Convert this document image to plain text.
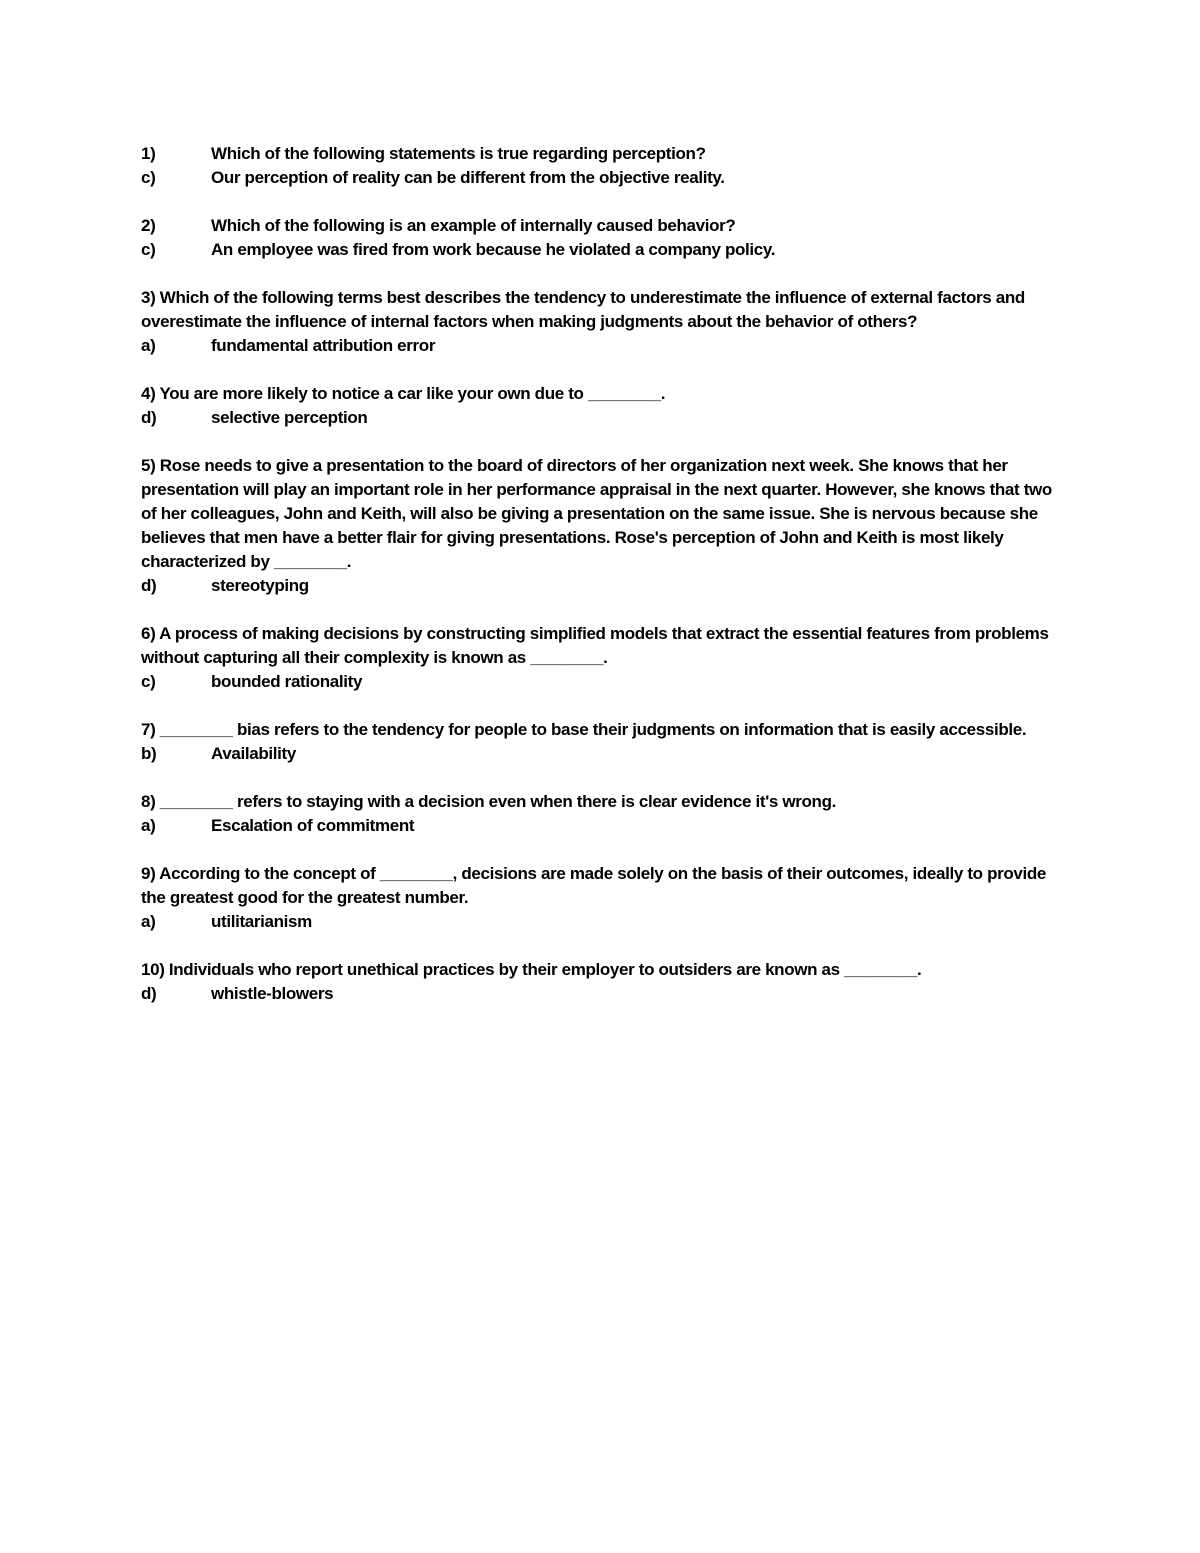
1)	Which of the following statements is true regarding perception?
c)	Our perception of reality can be different from the objective reality.
2)	Which of the following is an example of internally caused behavior?
c)	An employee was fired from work because he violated a company policy.
3) Which of the following terms best describes the tendency to underestimate the influence of external factors and overestimate the influence of internal factors when making judgments about the behavior of others?
a)	fundamental attribution error
4) You are more likely to notice a car like your own due to ________.
d)	selective perception
5) Rose needs to give a presentation to the board of directors of her organization next week. She knows that her presentation will play an important role in her performance appraisal in the next quarter. However, she knows that two of her colleagues, John and Keith, will also be giving a presentation on the same issue. She is nervous because she believes that men have a better flair for giving presentations. Rose's perception of John and Keith is most likely characterized by ________.
d)	stereotyping
6) A process of making decisions by constructing simplified models that extract the essential features from problems without capturing all their complexity is known as ________.
c)	bounded rationality
7) ________ bias refers to the tendency for people to base their judgments on information that is easily accessible.
b)	Availability
8) ________ refers to staying with a decision even when there is clear evidence it's wrong.
a)	Escalation of commitment
9) According to the concept of ________, decisions are made solely on the basis of their outcomes, ideally to provide the greatest good for the greatest number.
a)	utilitarianism
10) Individuals who report unethical practices by their employer to outsiders are known as ________.
d)	whistle-blowers
